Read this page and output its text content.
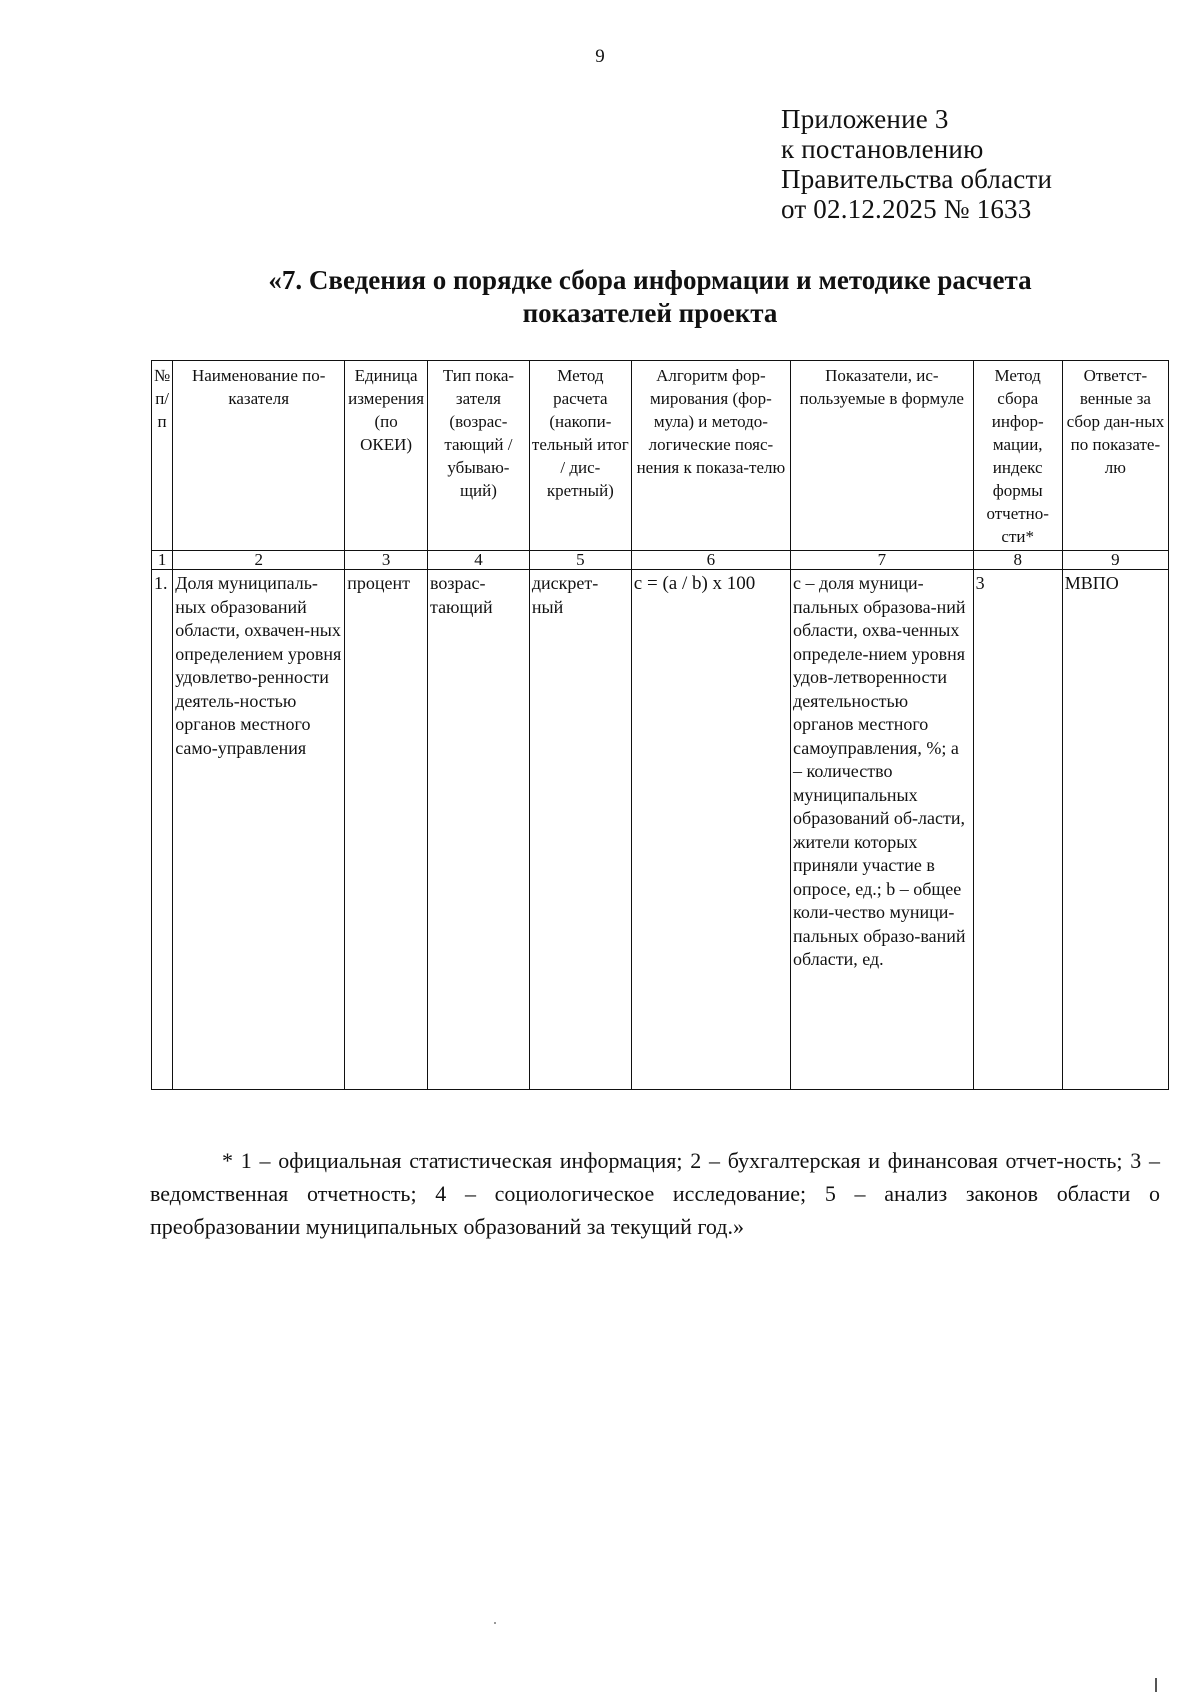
9
Приложение 3
к постановлению
Правительства области
от 02.12.2025 № 1633
«7. Сведения о порядке сбора информации и методике расчета
показателей проекта
№ п/п	Наименование по-казателя	Единица измерения (по ОКЕИ)	Тип пока-зателя (возрас-тающий / убываю-щий)	Метод расчета (накопи-тельный итог / дис-кретный)	Алгоритм фор-мирования (фор-мула) и методо-логические пояс-нения к показа-телю	Показатели, ис-пользуемые в формуле	Метод сбора инфор-мации, индекс формы отчетно-сти*	Ответст-венные за сбор дан-ных по показате-лю
1	2	3	4	5	6	7	8	9
1.	Доля муниципаль-ных образований области, охвачен-ных определением уровня удовлетво-ренности деятель-ностью органов местного само-управления	процент	возрас-тающий	дискрет-ный	c = (a / b) x 100	c – доля муници-пальных образова-ний области, охва-ченных определе-нием уровня удов-летворенности деятельностью органов местного самоуправления, %; a – количество муниципальных образований об-ласти, жители которых приняли участие в опросе, ед.; b – общее коли-чество муници-пальных образо-ваний области, ед.	3	МВПО
* 1 – официальная статистическая информация; 2 – бухгалтерская и финансовая отчет-ность; 3 – ведомственная отчетность; 4 – социологическое исследование; 5 – анализ законов области о преобразовании муниципальных образований за текущий год.»
